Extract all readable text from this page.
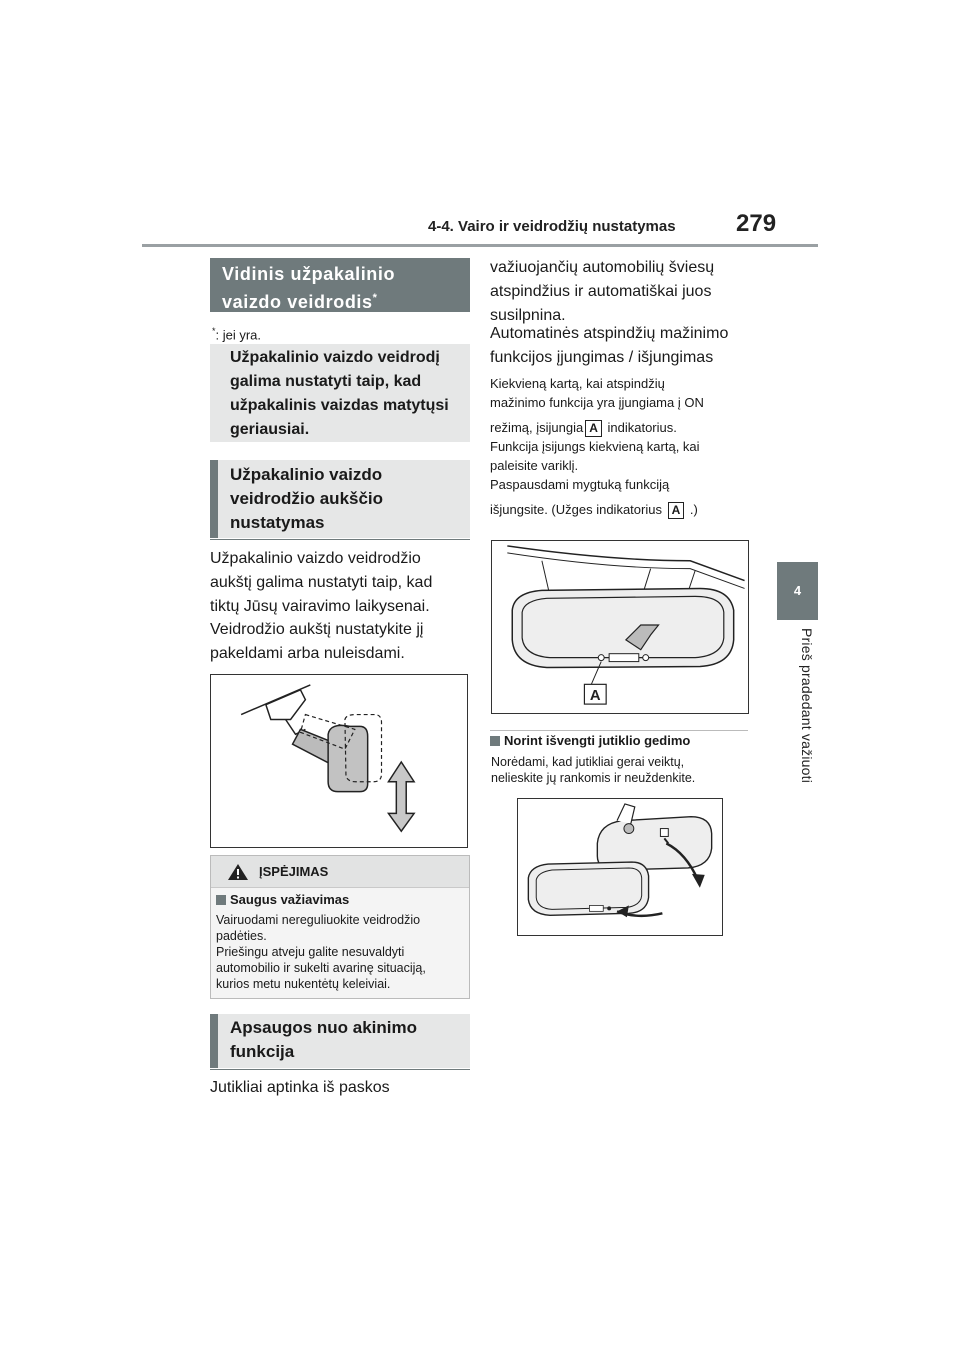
4-4. Vairo ir veidrodžių nustatymas	279
4
Prieš pradedant važiuoti
Vidinis užpakalinio
vaizdo veidrodis*
*: jei yra.
Užpakalinio vaizdo veidrodį
galima nustatyti taip, kad
užpakalinis vaizdas matytųsi
geriausiai.
Užpakalinio vaizdo
veidrodžio aukščio
nustatymas
Užpakalinio vaizdo veidrodžio
aukštį galima nustatyti taip, kad
tiktų Jūsų vairavimo laikysenai.
Veidrodžio aukštį nustatykite jį
pakeldami arba nuleisdami.
ĮSPĖJIMAS
Saugus važiavimas
Vairuodami nereguliuokite veidrodžio
padėties.
Priešingu atveju galite nesuvaldyti
automobilio ir sukelti avarinę situaciją,
kurios metu nukentėtų keleiviai.
Apsaugos nuo akinimo
funkcija
Jutikliai aptinka iš paskos
važiuojančių automobilių šviesų
atspindžius ir automatiškai juos
susilpnina.
Automatinės atspindžių mažinimo
funkcijos įjungimas / išjungimas
Kiekvieną kartą, kai atspindžių
mažinimo funkcija yra įjungiama į ON
režimą, įsijungia A indikatorius.
Funkcija įsijungs kiekvieną kartą, kai
paleisite variklį.
Paspausdami mygtuką funkciją
išjungsite. (Užges indikatorius A .)
A
Norint išvengti jutiklio gedimo
Norėdami, kad jutikliai gerai veiktų,
nelieskite jų rankomis ir neuždenkite.
